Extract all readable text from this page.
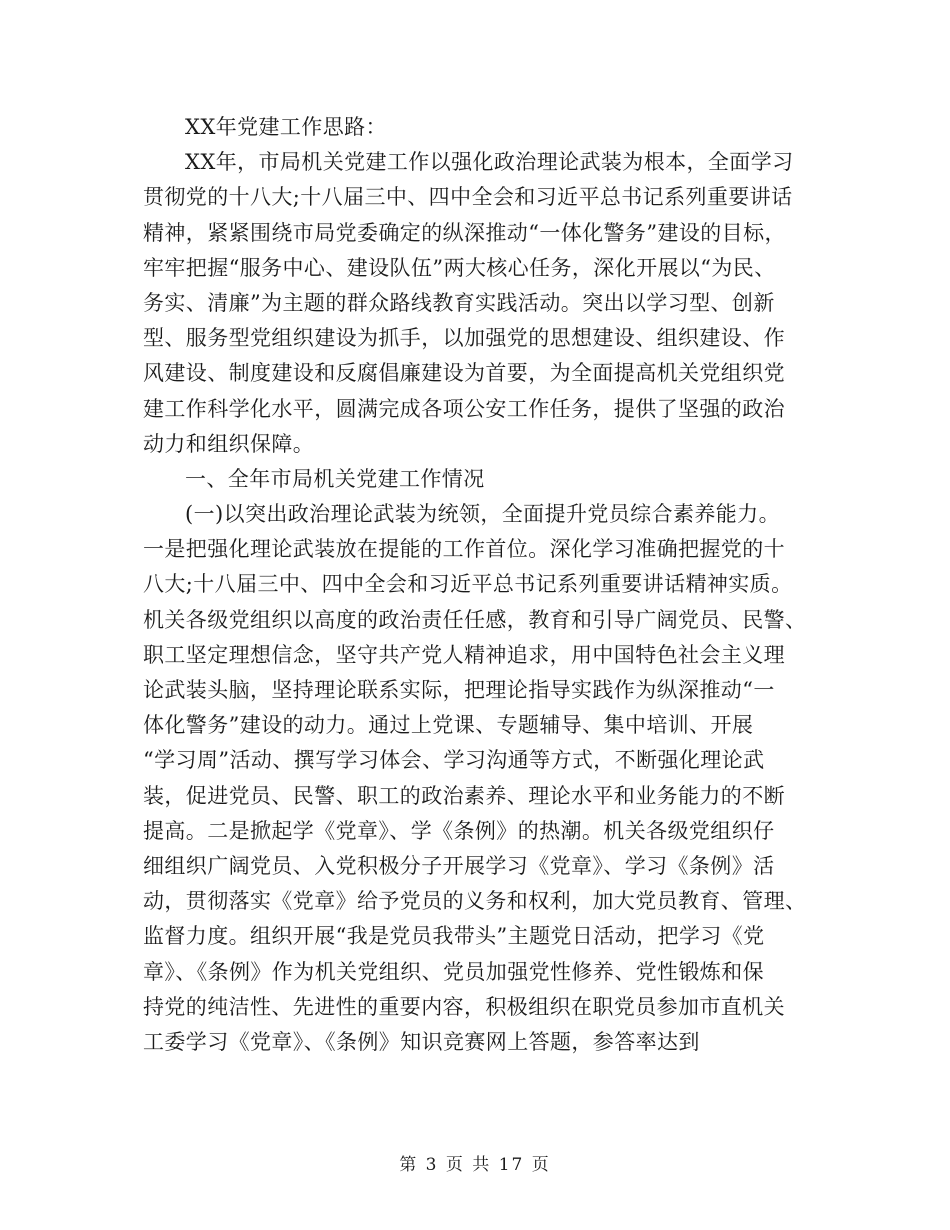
XX年党建工作思路：
XX年，市局机关党建工作以强化政治理论武装为根本，全面学习
贯彻党的十八大;十八届三中、四中全会和习近平总书记系列重要讲话
精神，紧紧围绕市局党委确定的纵深推动“一体化警务”建设的目标，
牢牢把握“服务中心、建设队伍”两大核心任务，深化开展以“为民、
务实、清廉”为主题的群众路线教育实践活动。突出以学习型、创新
型、服务型党组织建设为抓手，以加强党的思想建设、组织建设、作
风建设、制度建设和反腐倡廉建设为首要，为全面提高机关党组织党
建工作科学化水平，圆满完成各项公安工作任务，提供了坚强的政治
动力和组织保障。
一、全年市局机关党建工作情况
(一)以突出政治理论武装为统领，全面提升党员综合素养能力。
一是把强化理论武装放在提能的工作首位。深化学习准确把握党的十
八大;十八届三中、四中全会和习近平总书记系列重要讲话精神实质。
机关各级党组织以高度的政治责任任感，教育和引导广阔党员、民警、
职工坚定理想信念，坚守共产党人精神追求，用中国特色社会主义理
论武装头脑，坚持理论联系实际，把理论指导实践作为纵深推动“一
体化警务”建设的动力。通过上党课、专题辅导、集中培训、开展
“学习周”活动、撰写学习体会、学习沟通等方式，不断强化理论武
装，促进党员、民警、职工的政治素养、理论水平和业务能力的不断
提高。二是掀起学《党章》、学《条例》的热潮。机关各级党组织仔
细组织广阔党员、入党积极分子开展学习《党章》、学习《条例》活
动，贯彻落实《党章》给予党员的义务和权利，加大党员教育、管理、
监督力度。组织开展“我是党员我带头”主题党日活动，把学习《党
章》、《条例》作为机关党组织、党员加强党性修养、党性锻炼和保
持党的纯洁性、先进性的重要内容，积极组织在职党员参加市直机关
工委学习《党章》、《条例》知识竞赛网上答题，参答率达到
第 3 页 共 17 页
